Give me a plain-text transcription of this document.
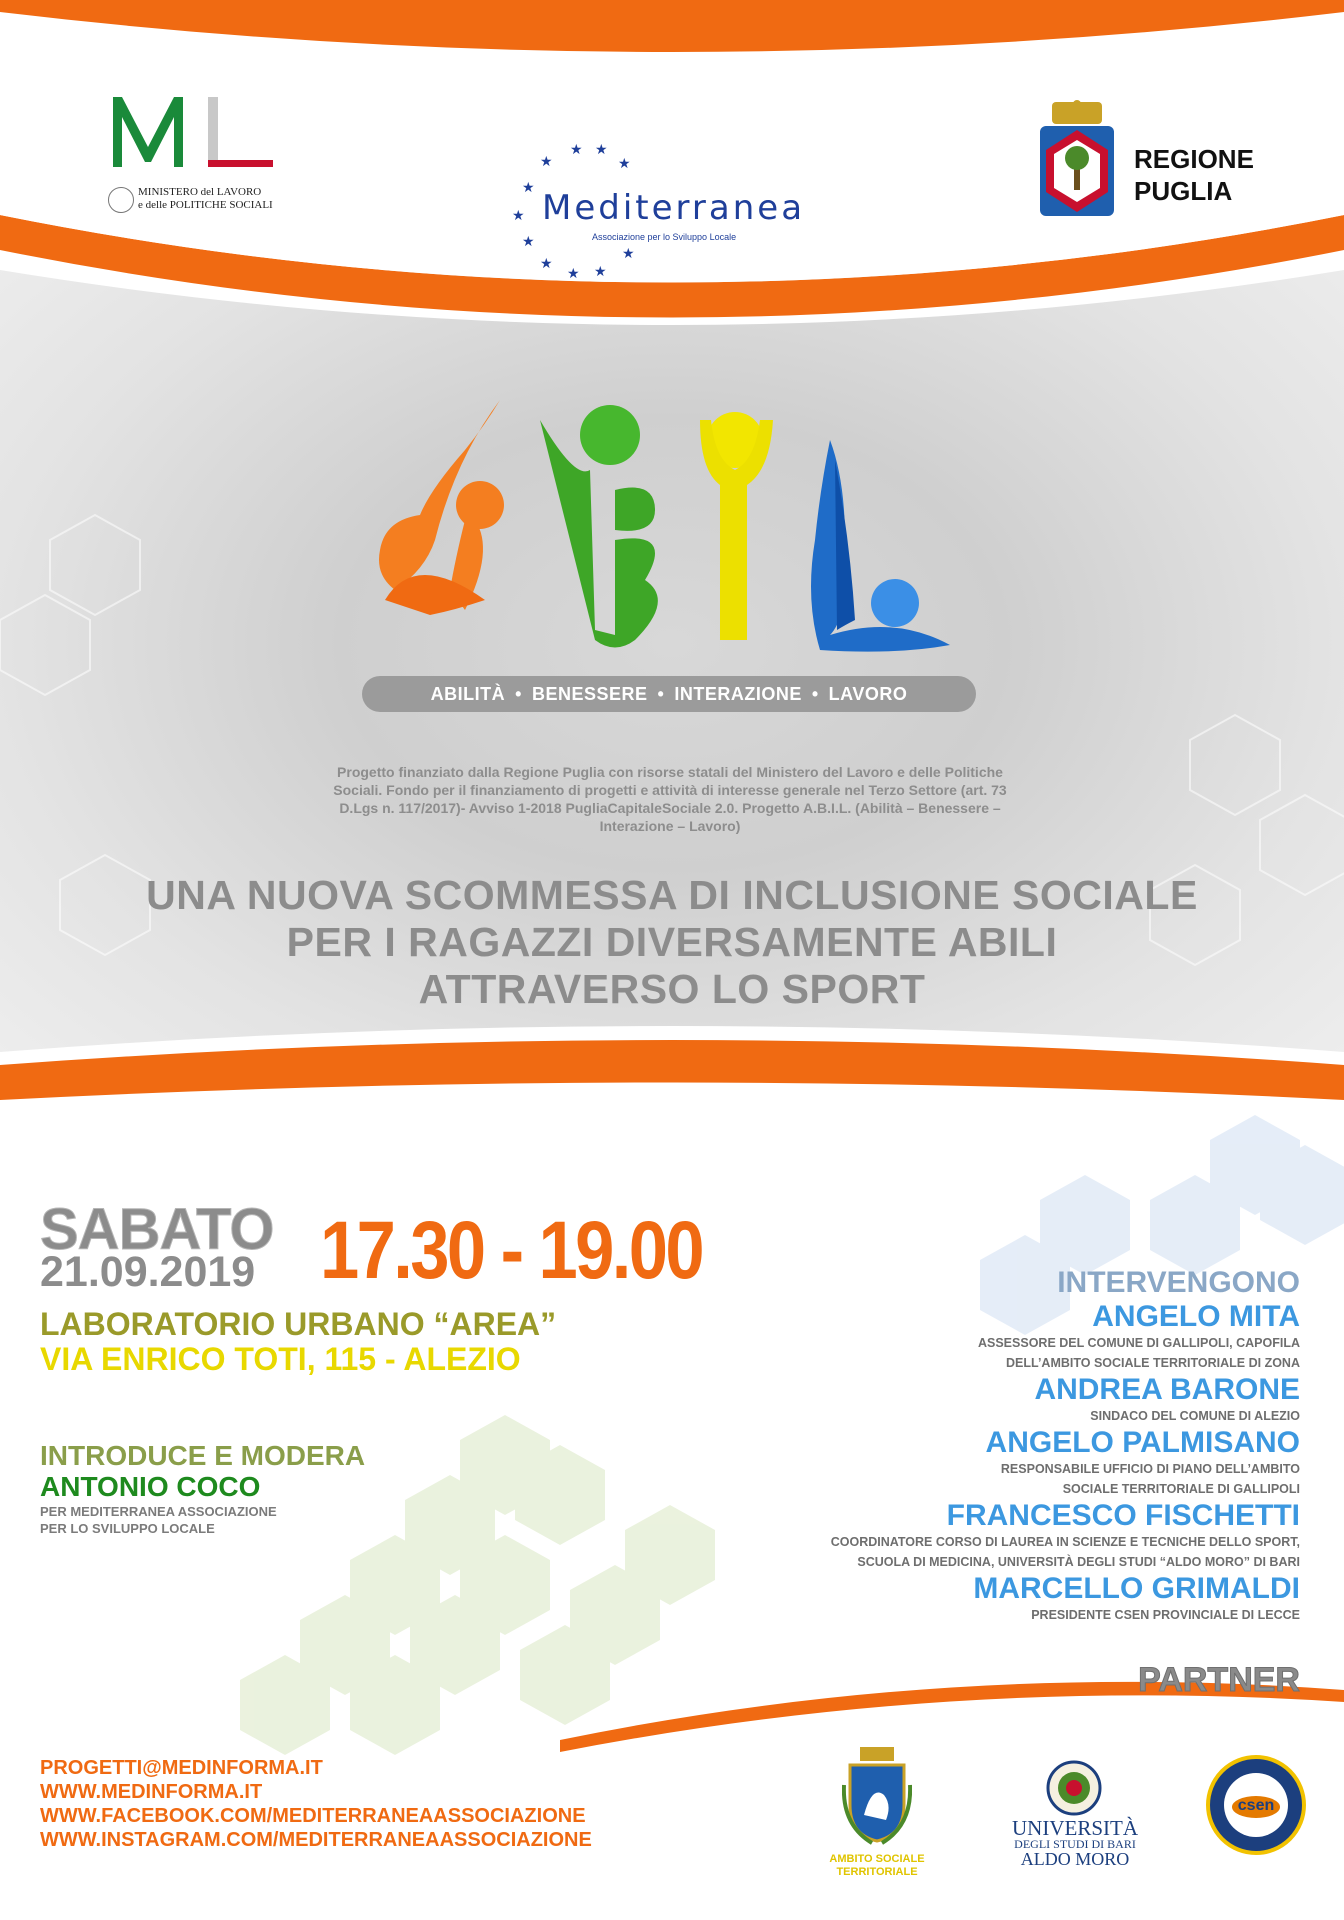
MINISTERO del LAVORO
e delle POLITICHE SOCIALI
★ ★
★	★
★
★
★
★
★ ★
★
Mediterranea
Associazione per lo Sviluppo Locale
REGIONE
PUGLIA
ABILITÀ • BENESSERE • INTERAZIONE • LAVORO
Progetto finanziato dalla Regione Puglia con risorse statali del Ministero del Lavoro e delle Politiche Sociali. Fondo per il finanziamento di progetti e attività di interesse generale nel Terzo Settore (art. 73 D.Lgs n. 117/2017)- Avviso 1-2018 PugliaCapitaleSociale 2.0. Progetto A.B.I.L. (Abilità – Benessere – Interazione – Lavoro)
UNA NUOVA SCOMMESSA DI INCLUSIONE SOCIALE
PER I RAGAZZI DIVERSAMENTE ABILI
ATTRAVERSO LO SPORT
SABATO
21.09.2019 17.30 - 19.00
LABORATORIO URBANO “AREA”
VIA ENRICO TOTI, 115 - ALEZIO
INTRODUCE E MODERA
ANTONIO COCO
PER MEDITERRANEA ASSOCIAZIONE
PER LO SVILUPPO LOCALE
INTERVENGONO
ANGELO MITA
ASSESSORE DEL COMUNE DI GALLIPOLI, CAPOFILA
DELL’AMBITO SOCIALE TERRITORIALE DI ZONA
ANDREA BARONE
SINDACO DEL COMUNE DI ALEZIO
ANGELO PALMISANO
RESPONSABILE UFFICIO DI PIANO DELL’AMBITO
SOCIALE TERRITORIALE DI GALLIPOLI
FRANCESCO FISCHETTI
COORDINATORE CORSO DI LAUREA IN SCIENZE E TECNICHE DELLO SPORT,
SCUOLA DI MEDICINA, UNIVERSITÀ DEGLI STUDI “ALDO MORO” DI BARI
MARCELLO GRIMALDI
PRESIDENTE CSEN PROVINCIALE DI LECCE
PARTNER
AMBITO SOCIALE
TERRITORIALE
UNIVERSITÀ
DEGLI STUDI DI BARI
ALDO MORO
csen
PROGETTI@MEDINFORMA.IT
WWW.MEDINFORMA.IT
WWW.FACEBOOK.COM/MEDITERRANEAASSOCIAZIONE
WWW.INSTAGRAM.COM/MEDITERRANEAASSOCIAZIONE
